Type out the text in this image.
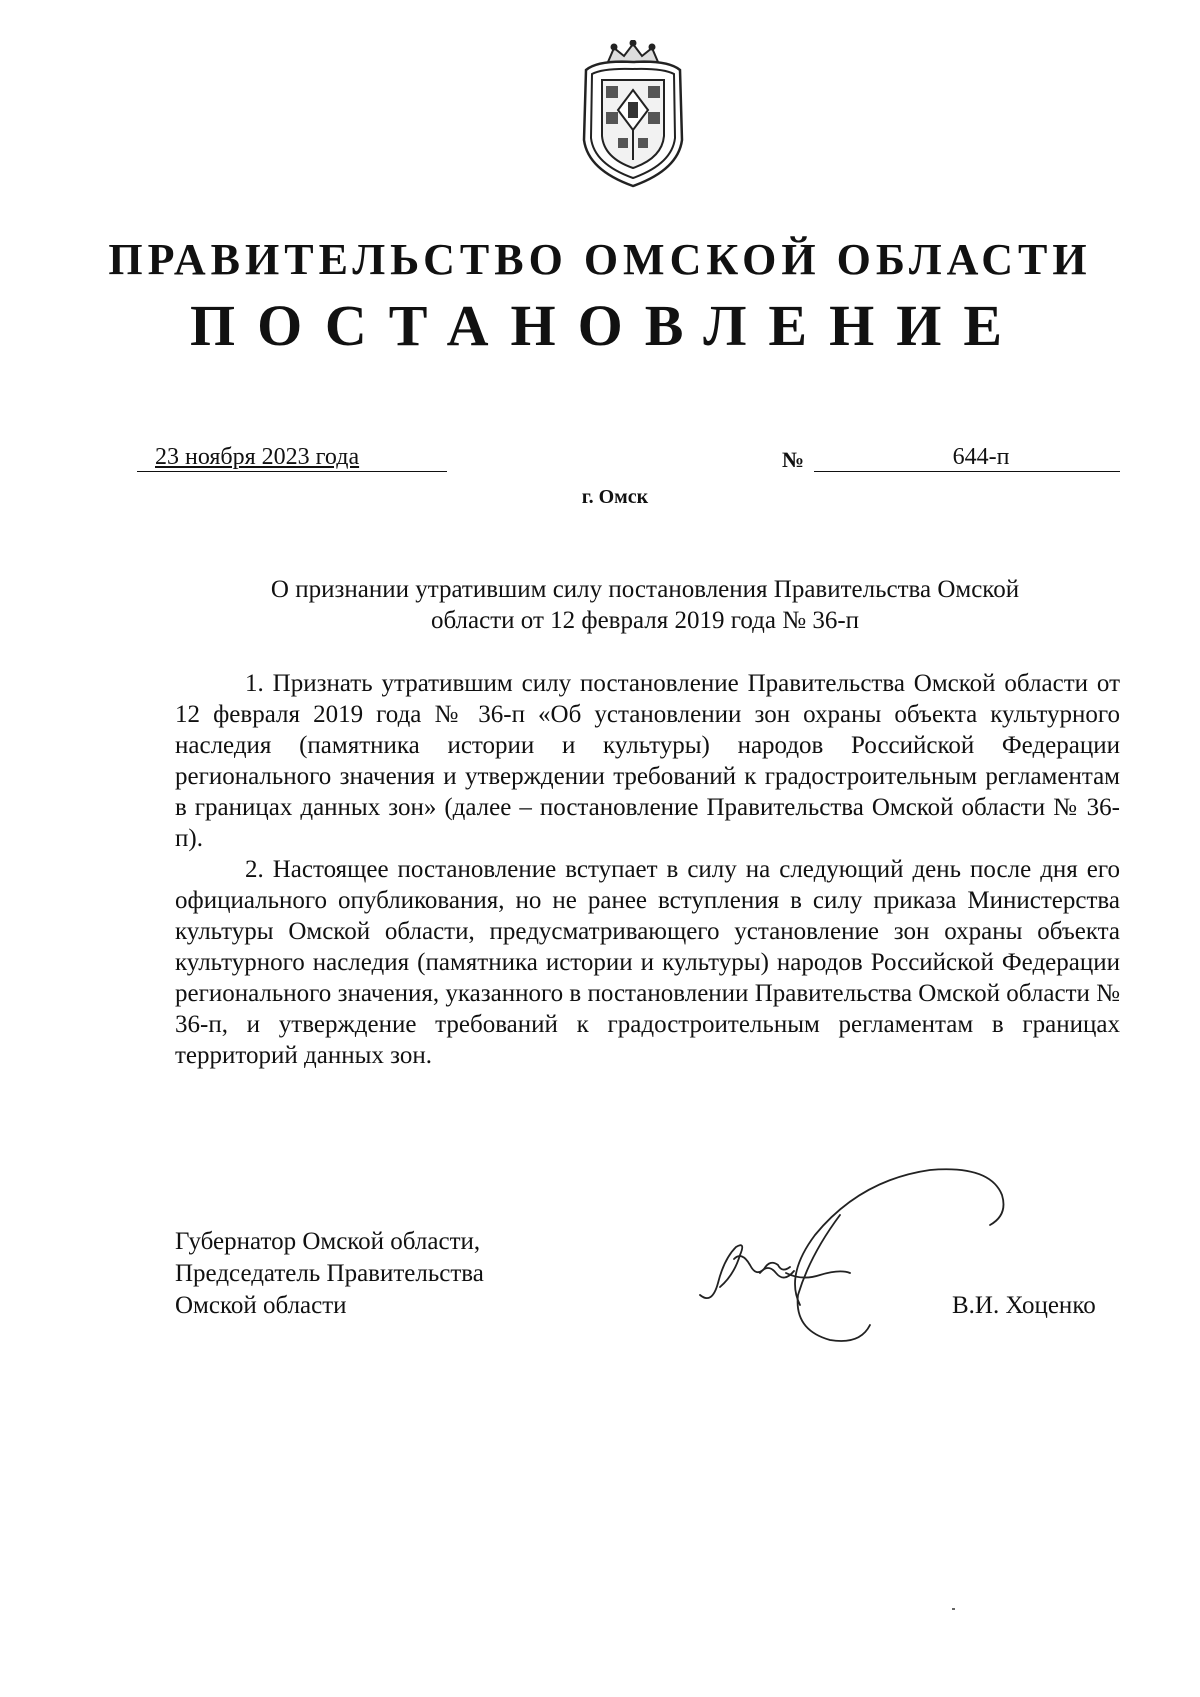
ПРАВИТЕЛЬСТВО ОМСКОЙ ОБЛАСТИ
ПОСТАНОВЛЕНИЕ
23 ноября 2023 года	№	644-п
г. Омск
О признании утратившим силу постановления Правительства Омской
области от 12 февраля 2019 года № 36-п

1. Признать утратившим силу постановление Правительства Омской области от 12 февраля 2019 года № 36-п «Об установлении зон охраны объекта культурного наследия (памятника истории и культуры) народов Российской Федерации регионального значения и утверждении требований к градостроительным регламентам в границах данных зон» (далее – постановление Правительства Омской области № 36-п).

2. Настоящее постановление вступает в силу на следующий день после дня его официального опубликования, но не ранее вступления в силу приказа Министерства культуры Омской области, предусматривающего установление зон охраны объекта культурного наследия (памятника истории и культуры) народов Российской Федерации регионального значения, указанного в постановлении Правительства Омской области № 36-п, и утверждение требований к градостроительным регламентам в границах территорий данных зон.

Губернатор Омской области,
Председатель Правительства
Омской области	В.И. Хоценко
